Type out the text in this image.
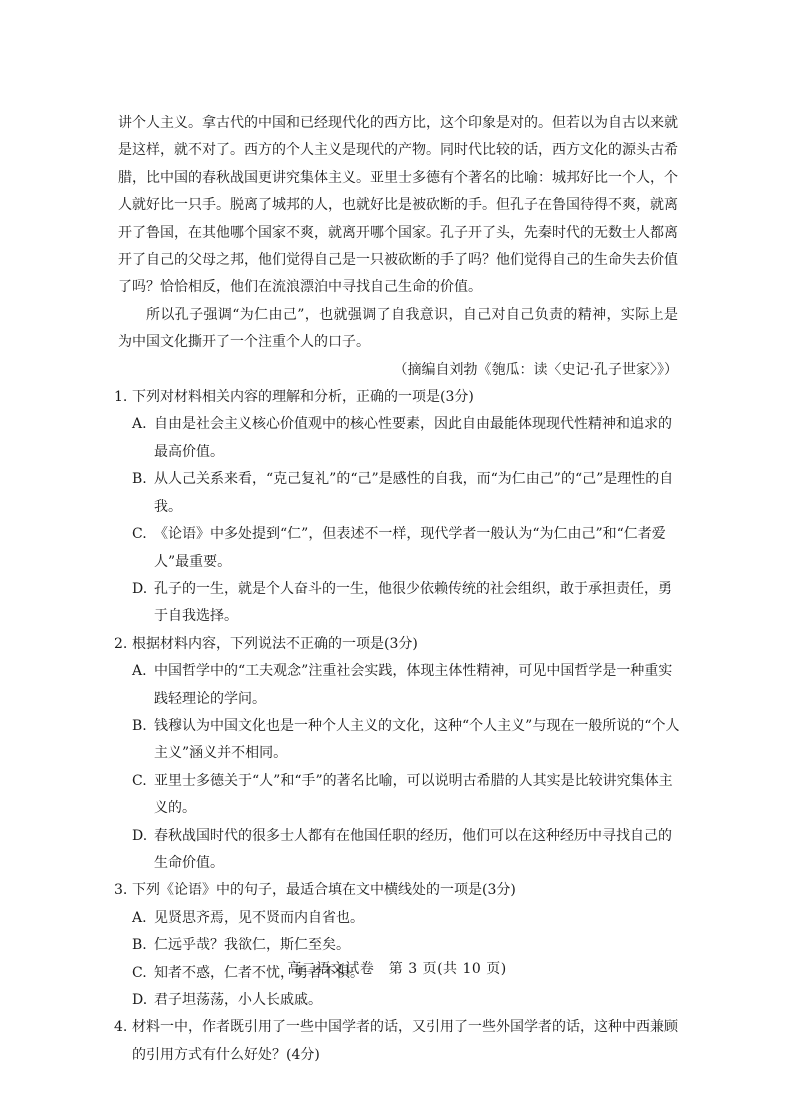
讲个人主义。拿古代的中国和已经现代化的西方比，这个印象是对的。但若以为自古以来就是这样，就不对了。西方的个人主义是现代的产物。同时代比较的话，西方文化的源头古希腊，比中国的春秋战国更讲究集体主义。亚里士多德有个著名的比喻：城邦好比一个人，个人就好比一只手。脱离了城邦的人，也就好比是被砍断的手。但孔子在鲁国待得不爽，就离开了鲁国，在其他哪个国家不爽，就离开哪个国家。孔子开了头，先秦时代的无数士人都离开了自己的父母之邦，他们觉得自己是一只被砍断的手了吗？他们觉得自己的生命失去价值了吗？恰恰相反，他们在流浪漂泊中寻找自己生命的价值。

所以孔子强调“为仁由己”，也就强调了自我意识，自己对自己负责的精神，实际上是为中国文化撕开了一个注重个人的口子。

（摘编自刘勃《匏瓜：读〈史记·孔子世家〉》）

1. 下列对材料相关内容的理解和分析，正确的一项是(3分)

A. 自由是社会主义核心价值观中的核心性要素，因此自由最能体现现代性精神和追求的最高价值。

B. 从人己关系来看，“克己复礼”的“己”是感性的自我，而“为仁由己”的“己”是理性的自我。

C. 《论语》中多处提到“仁”，但表述不一样，现代学者一般认为“为仁由己”和“仁者爱人”最重要。

D. 孔子的一生，就是个人奋斗的一生，他很少依赖传统的社会组织，敢于承担责任，勇于自我选择。

2. 根据材料内容，下列说法不正确的一项是(3分)

A. 中国哲学中的“工夫观念”注重社会实践，体现主体性精神，可见中国哲学是一种重实践轻理论的学问。

B. 钱穆认为中国文化也是一种个人主义的文化，这种“个人主义”与现在一般所说的“个人主义”涵义并不相同。

C. 亚里士多德关于“人”和“手”的著名比喻，可以说明古希腊的人其实是比较讲究集体主义的。

D. 春秋战国时代的很多士人都有在他国任职的经历，他们可以在这种经历中寻找自己的生命价值。

3. 下列《论语》中的句子，最适合填在文中横线处的一项是(3分)

A. 见贤思齐焉，见不贤而内自省也。

B. 仁远乎哉？我欲仁，斯仁至矣。

C. 知者不惑，仁者不忧，勇者不惧。

D. 君子坦荡荡，小人长戚戚。

4. 材料一中，作者既引用了一些中国学者的话，又引用了一些外国学者的话，这种中西兼顾的引用方式有什么好处？(4分)

高二语文试卷　第 3 页(共 10 页)
